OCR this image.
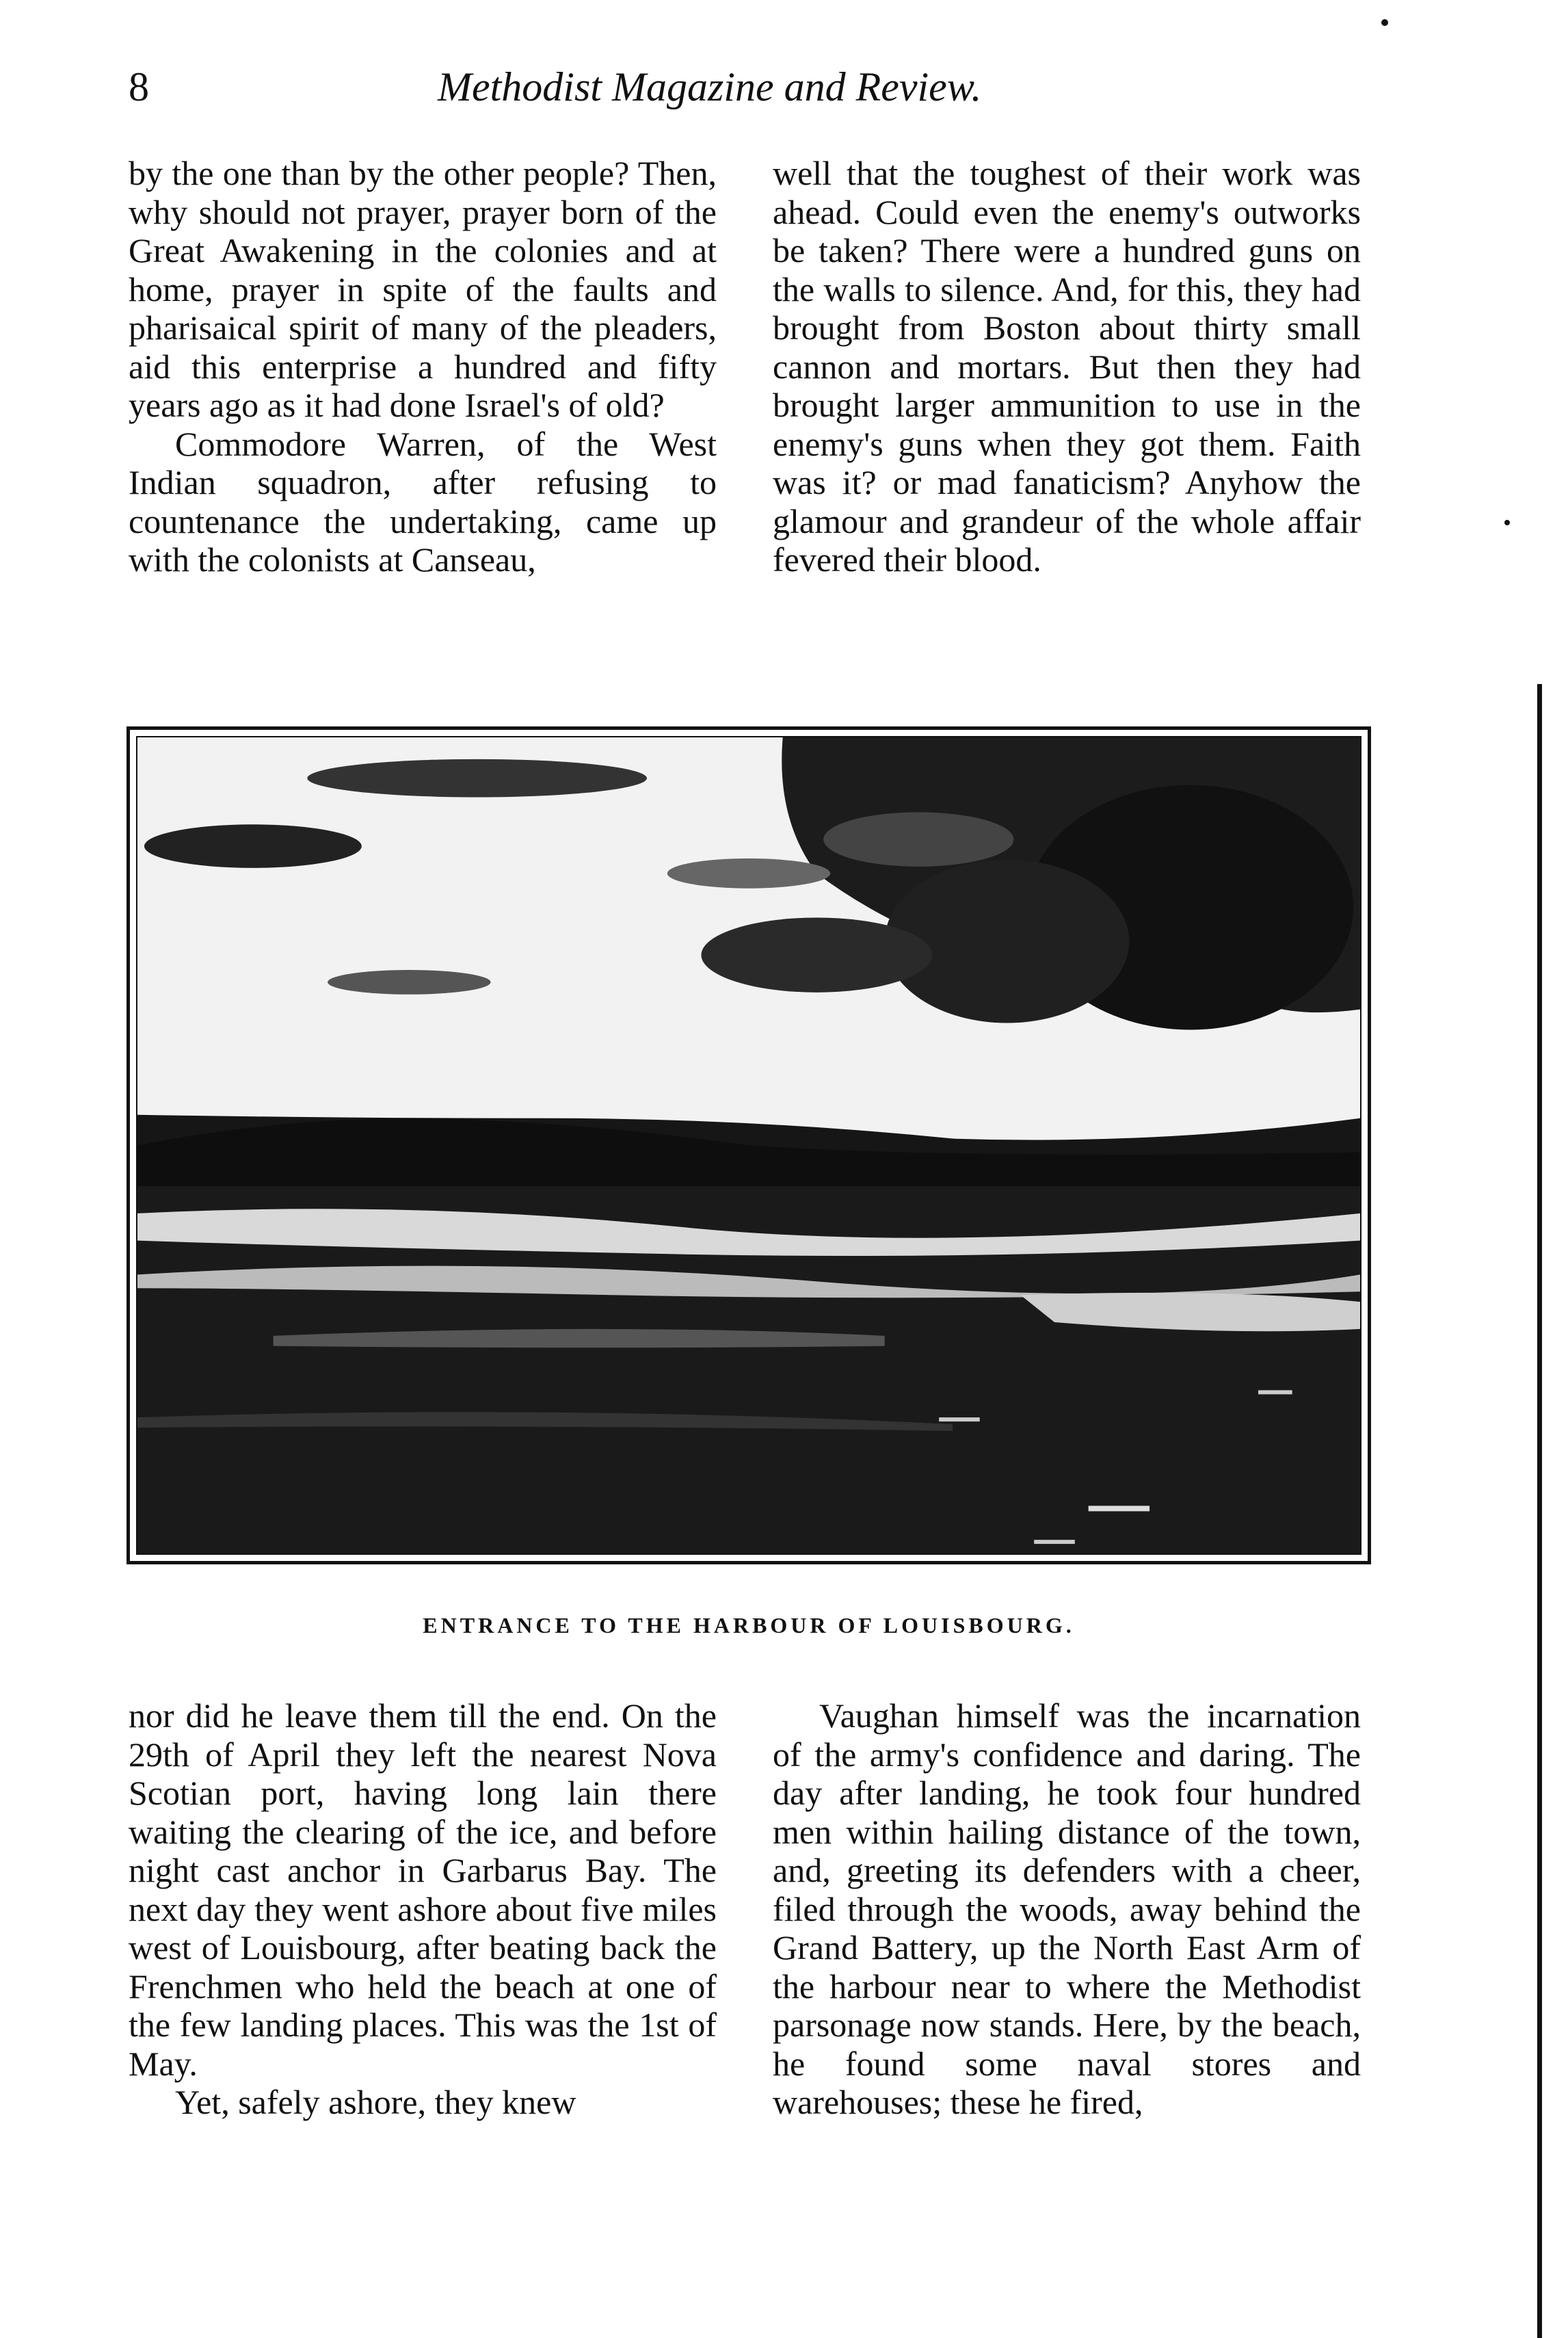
8	Methodist Magazine and Review.

by the one than by the other people? Then, why should not prayer, prayer born of the Great Awakening in the colonies and at home, prayer in spite of the faults and pharisaical spirit of many of the pleaders, aid this enterprise a hundred and fifty years ago as it had done Israel's of old?

Commodore Warren, of the West Indian squadron, after refusing to countenance the undertaking, came up with the colonists at Canseau,

well that the toughest of their work was ahead. Could even the enemy's outworks be taken? There were a hundred guns on the walls to silence. And, for this, they had brought from Boston about thirty small cannon and mortars. But then they had brought larger ammunition to use in the enemy's guns when they got them. Faith was it? or mad fanaticism? Anyhow the glamour and grandeur of the whole affair fevered their blood.

ENTRANCE TO THE HARBOUR OF LOUISBOURG.

nor did he leave them till the end. On the 29th of April they left the nearest Nova Scotian port, having long lain there waiting the clearing of the ice, and before night cast anchor in Garbarus Bay. The next day they went ashore about five miles west of Louisbourg, after beating back the Frenchmen who held the beach at one of the few landing places. This was the 1st of May.

Yet, safely ashore, they knew

Vaughan himself was the incarnation of the army's confidence and daring. The day after landing, he took four hundred men within hailing distance of the town, and, greeting its defenders with a cheer, filed through the woods, away behind the Grand Battery, up the North East Arm of the harbour near to where the Methodist parsonage now stands. Here, by the beach, he found some naval stores and warehouses; these he fired,
